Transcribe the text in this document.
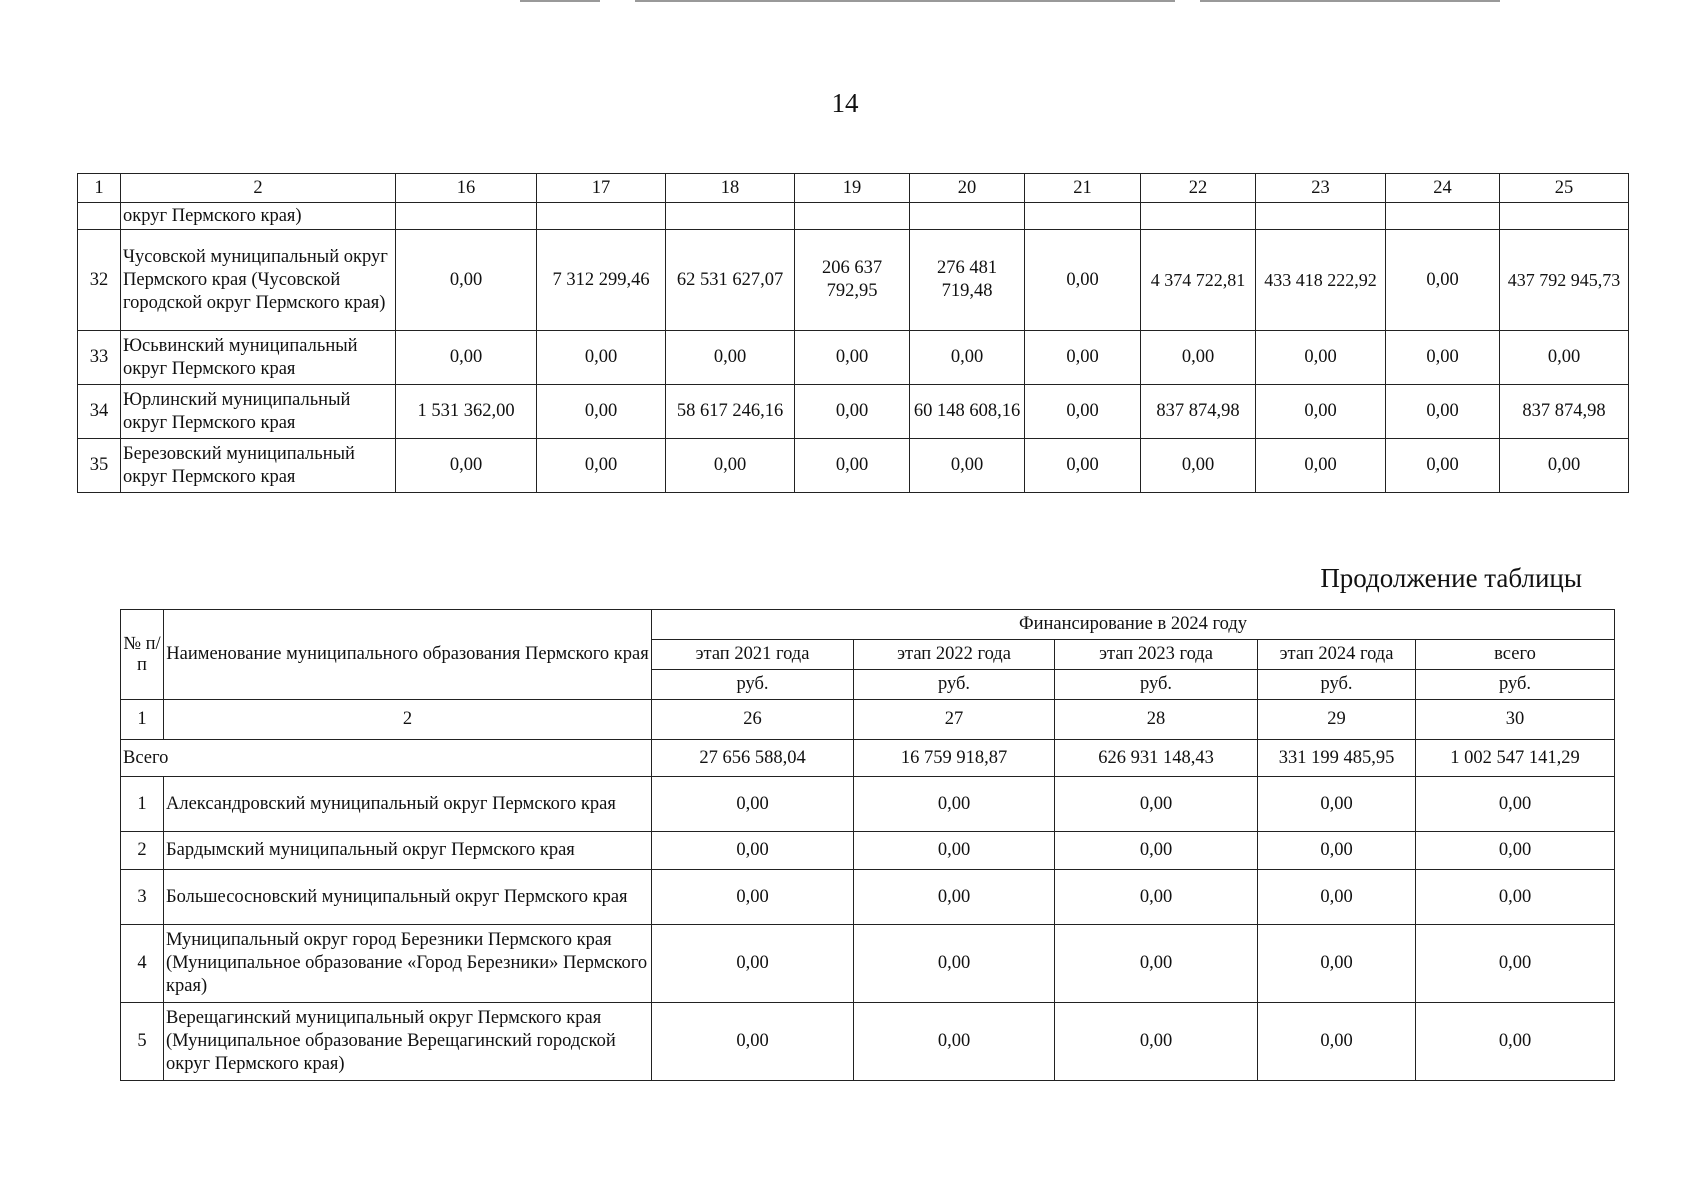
14
1	2	16	17	18	19	20	21	22	23	24	25
	округ Пермского края)										
32	Чусовской муниципальный округ Пермского края (Чусовской городской округ Пермского края)	0,00	7 312 299,46	62 531 627,07	206 637 792,95	276 481 719,48	0,00	4 374 722,81	433 418 222,92	0,00	437 792 945,73
33	Юсьвинский муниципальный округ Пермского края	0,00	0,00	0,00	0,00	0,00	0,00	0,00	0,00	0,00	0,00
34	Юрлинский муниципальный округ Пермского края	1 531 362,00	0,00	58 617 246,16	0,00	60 148 608,16	0,00	837 874,98	0,00	0,00	837 874,98
35	Березовский муниципальный округ Пермского края	0,00	0,00	0,00	0,00	0,00	0,00	0,00	0,00	0,00	0,00
Продолжение таблицы
№ п/п	Наименование муниципального образования Пермского края	Финансирование в 2024 году				
		этап 2021 года	этап 2022 года	этап 2023 года	этап 2024 года	всего
		руб.	руб.	руб.	руб.	руб.
1	2	26	27	28	29	30
Всего		27 656 588,04	16 759 918,87	626 931 148,43	331 199 485,95	1 002 547 141,29
1	Александровский муниципальный округ Пермского края	0,00	0,00	0,00	0,00	0,00
2	Бардымский муниципальный округ Пермского края	0,00	0,00	0,00	0,00	0,00
3	Большесосновский муниципальный округ Пермского края	0,00	0,00	0,00	0,00	0,00
4	Муниципальный округ город Березники Пермского края (Муниципальное образование «Город Березники» Пермского края)	0,00	0,00	0,00	0,00	0,00
5	Верещагинский муниципальный округ Пермского края (Муниципальное образование Верещагинский городской округ Пермского края)	0,00	0,00	0,00	0,00	0,00
